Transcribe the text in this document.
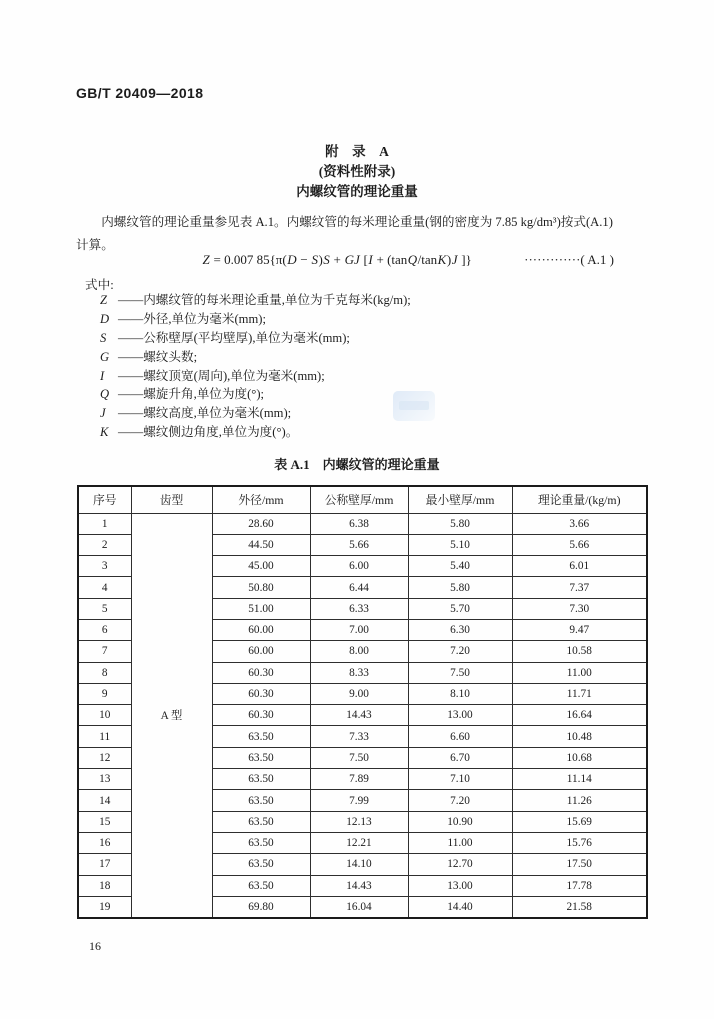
GB/T 20409—2018
附　录　A
(资料性附录)
内螺纹管的理论重量
内螺纹管的理论重量参见表 A.1。内螺纹管的每米理论重量(钢的密度为 7.85 kg/dm³)按式(A.1)
计算。
Z = 0.007 85{π(D − S)S + GJ [I + (tanQ/tanK)J ]}	·············( A.1 )
式中:
Z ——内螺纹管的每米理论重量,单位为千克每米(kg/m);
D ——外径,单位为毫米(mm);
S ——公称壁厚(平均壁厚),单位为毫米(mm);
G ——螺纹头数;
I	——螺纹顶宽(周向),单位为毫米(mm);
Q ——螺旋升角,单位为度(°);
J ——螺纹高度,单位为毫米(mm);
K ——螺纹侧边角度,单位为度(°)。
表 A.1　内螺纹管的理论重量
序号	齿型	外径/mm	公称壁厚/mm	最小壁厚/mm	理论重量/(kg/m)
1	A 型	28.60	6.38	5.80	3.66
2		44.50	5.66	5.10	5.66
3		45.00	6.00	5.40	6.01
4		50.80	6.44	5.80	7.37
5		51.00	6.33	5.70	7.30
6		60.00	7.00	6.30	9.47
7		60.00	8.00	7.20	10.58
8		60.30	8.33	7.50	11.00
9		60.30	9.00	8.10	11.71
10		60.30	14.43	13.00	16.64
11		63.50	7.33	6.60	10.48
12		63.50	7.50	6.70	10.68
13		63.50	7.89	7.10	11.14
14		63.50	7.99	7.20	11.26
15		63.50	12.13	10.90	15.69
16		63.50	12.21	11.00	15.76
17		63.50	14.10	12.70	17.50
18		63.50	14.43	13.00	17.78
19		69.80	16.04	14.40	21.58
16
